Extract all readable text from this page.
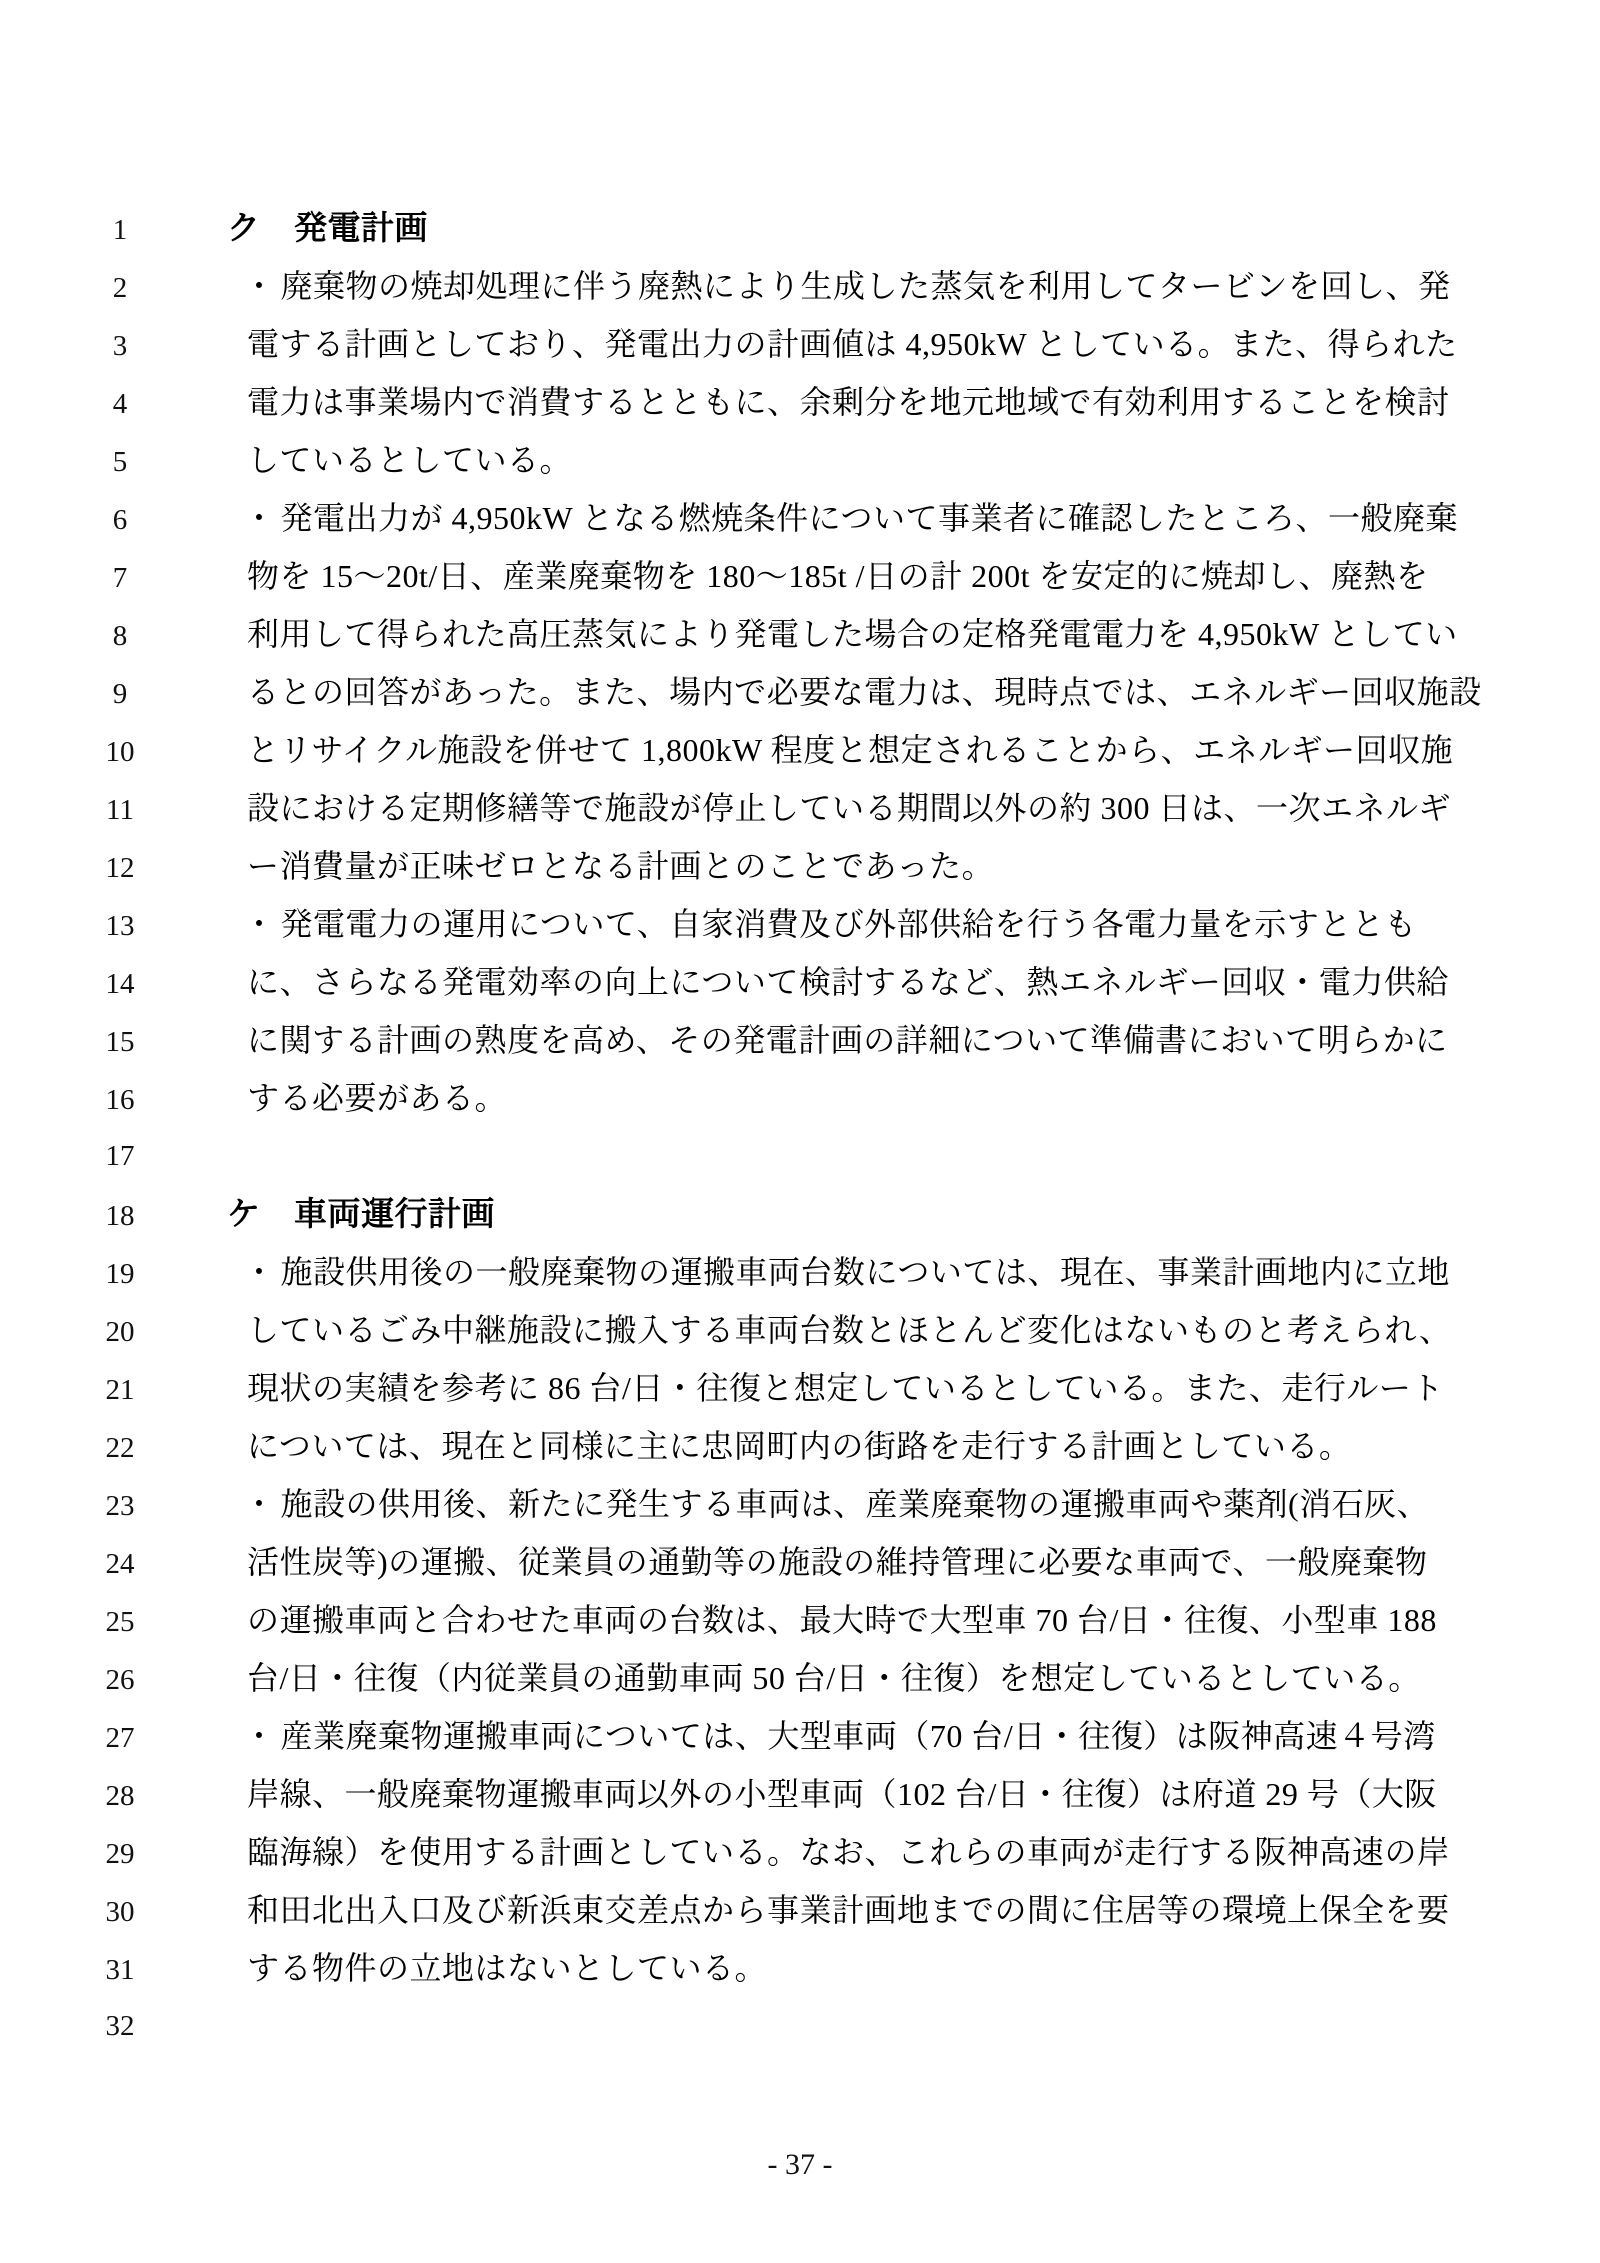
1	ク　発電計画
2	・ 廃棄物の焼却処理に伴う廃熱により生成した蒸気を利用してタービンを回し、発
3	電する計画としており、発電出力の計画値は 4,950kW としている。また、得られた
4	電力は事業場内で消費するとともに、余剰分を地元地域で有効利用することを検討
5	しているとしている。
6	・ 発電出力が 4,950kW となる燃焼条件について事業者に確認したところ、一般廃棄
7	物を 15〜20t/日、産業廃棄物を 180〜185t /日の計 200t を安定的に焼却し、廃熱を
8	利用して得られた高圧蒸気により発電した場合の定格発電電力を 4,950kW としてい
9	るとの回答があった。また、場内で必要な電力は、現時点では、エネルギー回収施設
10	とリサイクル施設を併せて 1,800kW 程度と想定されることから、エネルギー回収施
11	設における定期修繕等で施設が停止している期間以外の約 300 日は、一次エネルギ
12	ー消費量が正味ゼロとなる計画とのことであった。
13	・ 発電電力の運用について、自家消費及び外部供給を行う各電力量を示すととも
14	に、さらなる発電効率の向上について検討するなど、熱エネルギー回収・電力供給
15	に関する計画の熟度を高め、その発電計画の詳細について準備書において明らかに
16	する必要がある。
17
18	ケ　車両運行計画
19	・ 施設供用後の一般廃棄物の運搬車両台数については、現在、事業計画地内に立地
20	しているごみ中継施設に搬入する車両台数とほとんど変化はないものと考えられ、
21	現状の実績を参考に 86 台/日・往復と想定しているとしている。また、走行ルート
22	については、現在と同様に主に忠岡町内の街路を走行する計画としている。
23	・ 施設の供用後、新たに発生する車両は、産業廃棄物の運搬車両や薬剤(消石灰、
24	活性炭等)の運搬、従業員の通勤等の施設の維持管理に必要な車両で、一般廃棄物
25	の運搬車両と合わせた車両の台数は、最大時で大型車 70 台/日・往復、小型車 188
26	台/日・往復（内従業員の通勤車両 50 台/日・往復）を想定しているとしている。
27	・ 産業廃棄物運搬車両については、大型車両（70 台/日・往復）は阪神高速４号湾
28	岸線、一般廃棄物運搬車両以外の小型車両（102 台/日・往復）は府道 29 号（大阪
29	臨海線）を使用する計画としている。なお、これらの車両が走行する阪神高速の岸
30	和田北出入口及び新浜東交差点から事業計画地までの間に住居等の環境上保全を要
31	する物件の立地はないとしている。
32
- 37 -
